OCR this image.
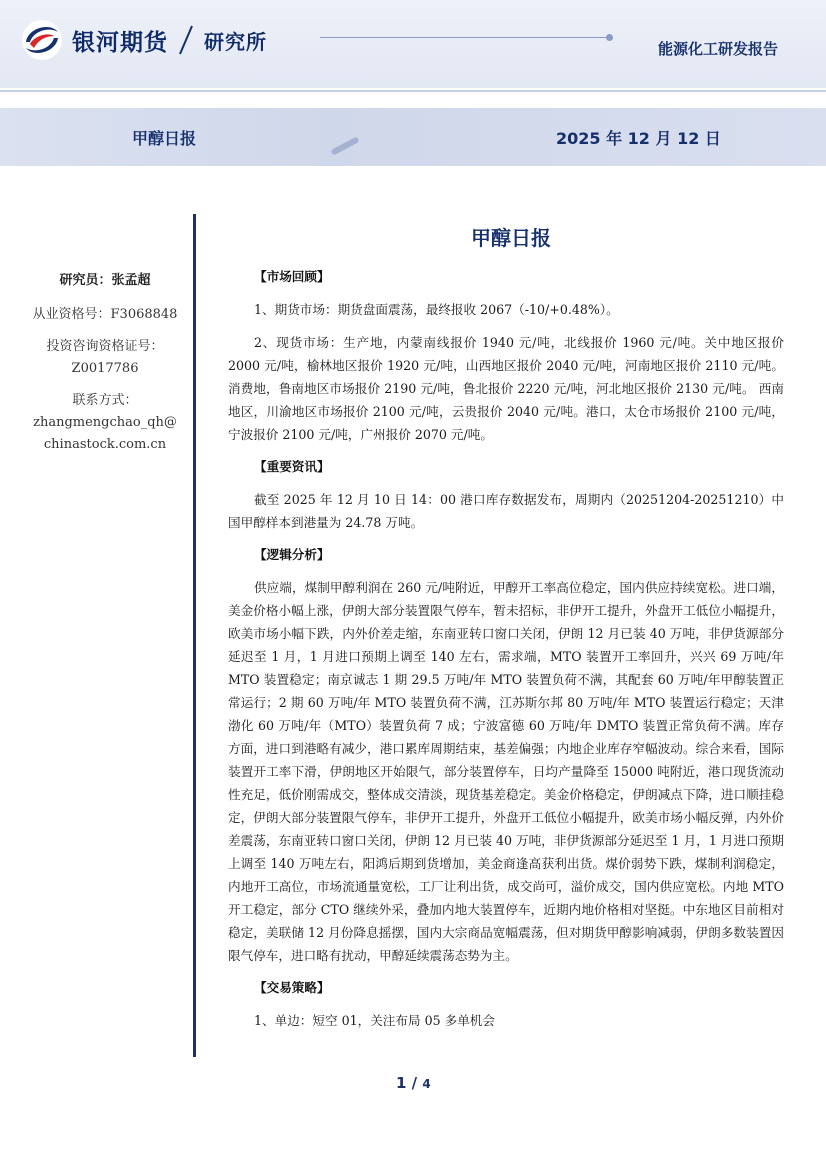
银河期货 研究所	能源化工研发报告
甲醇日报	2025 年 12 月 12 日
研究员：张孟超
从业资格号：F3068848
投资咨询资格证号：
Z0017786
联系方式：
zhangmengchao_qh@
chinastock.com.cn
甲醇日报
【市场回顾】

1、期货市场：期货盘面震荡，最终报收 2067（-10/+0.48%）。

2、现货市场：生产地，内蒙南线报价 1940 元/吨，北线报价 1960 元/吨。关中地区报价 2000 元/吨，榆林地区报价 1920 元/吨，山西地区报价 2040 元/吨，河南地区报价 2110 元/吨。消费地，鲁南地区市场报价 2190 元/吨，鲁北报价 2220 元/吨，河北地区报价 2130 元/吨。 西南地区，川渝地区市场报价 2100 元/吨，云贵报价 2040 元/吨。港口，太仓市场报价 2100 元/吨，宁波报价 2100 元/吨，广州报价 2070 元/吨。

【重要资讯】

截至 2025 年 12 月 10 日 14：00 港口库存数据发布，周期内（20251204-20251210）中国甲醇样本到港量为 24.78 万吨。

【逻辑分析】

供应端，煤制甲醇利润在 260 元/吨附近，甲醇开工率高位稳定，国内供应持续宽松。进口端，美金价格小幅上涨，伊朗大部分装置限气停车，暂未招标，非伊开工提升，外盘开工低位小幅提升，欧美市场小幅下跌，内外价差走缩，东南亚转口窗口关闭，伊朗 12 月已装 40 万吨，非伊货源部分延迟至 1 月，1 月进口预期上调至 140 左右，需求端，MTO 装置开工率回升，兴兴 69 万吨/年 MTO 装置稳定；南京诚志 1 期 29.5 万吨/年 MTO 装置负荷不满，其配套 60 万吨/年甲醇装置正常运行；2 期 60 万吨/年 MTO 装置负荷不满，江苏斯尔邦 80 万吨/年 MTO 装置运行稳定；天津渤化 60 万吨/年（MTO）装置负荷 7 成；宁波富德 60 万吨/年 DMTO 装置正常负荷不满。库存方面，进口到港略有减少，港口累库周期结束，基差偏强；内地企业库存窄幅波动。综合来看，国际装置开工率下滑，伊朗地区开始限气，部分装置停车，日均产量降至 15000 吨附近，港口现货流动性充足，低价刚需成交，整体成交清淡，现货基差稳定。美金价格稳定，伊朗减点下降，进口顺挂稳定，伊朗大部分装置限气停车，非伊开工提升，外盘开工低位小幅提升，欧美市场小幅反弹，内外价差震荡，东南亚转口窗口关闭，伊朗 12 月已装 40 万吨，非伊货源部分延迟至 1 月，1 月进口预期上调至 140 万吨左右，阳鸿后期到货增加，美金商逢高获利出货。煤价弱势下跌，煤制利润稳定，内地开工高位，市场流通量宽松，工厂让利出货，成交尚可，溢价成交，国内供应宽松。内地 MTO 开工稳定，部分 CTO 继续外采，叠加内地大装置停车，近期内地价格相对坚挺。中东地区目前相对稳定，美联储 12 月份降息摇摆，国内大宗商品宽幅震荡，但对期货甲醇影响减弱，伊朗多数装置因限气停车，进口略有扰动，甲醇延续震荡态势为主。

【交易策略】

1、单边：短空 01，关注布局 05 多单机会

1 / 4
